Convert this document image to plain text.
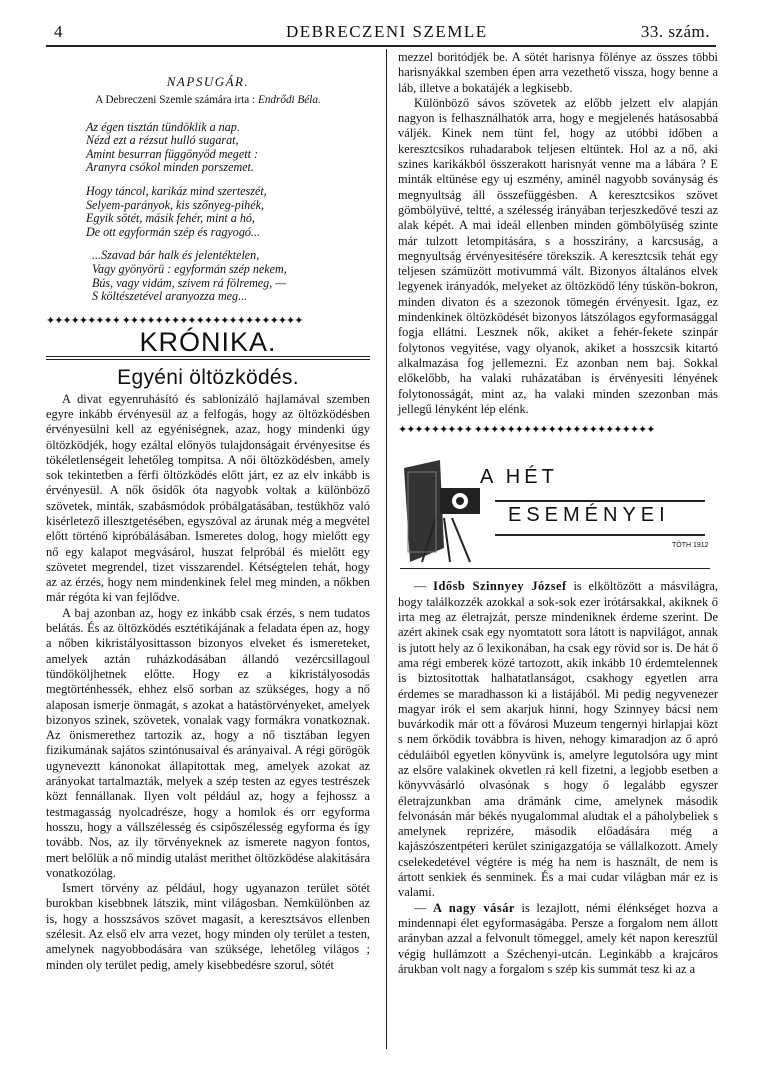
4	DEBRECZENI SZEMLE	33. szám.
NAPSUGÁR.
A Debreczeni Szemle számára irta : Endrődi Béla.
Az égen tisztán tündöklik a nap.
Nézd ezt a rézsut hulló sugarat,
Amint besurran függönyöd megett :
Aranyra csókol minden porszemet.
Hogy táncol, karikáz mind szerteszét,
Selyem-parányok, kis szőnyeg-pihék,
Egyik sötét, másik fehér, mint a hó,
De ott egyformán szép és ragyogó...
...Szavad bár halk és jelentéktelen,
Vagy gyönyörü : egyformán szép nekem,
Bús, vagy vidám, szivem rá fölremeg, —
S költészetével aranyozza meg...
✦✦✦✦✦✦✦✦✦ ✦✦✦✦✦✦✦✦✦✦✦✦✦✦✦✦✦✦✦✦✦✦
KRÓNIKA.
Egyéni öltözködés.

A divat egyenruhásító és sablonizáló hajlamával szemben egyre inkább érvényesül az a felfogás, hogy az öltözködésben érvényesülni kell az egyéniségnek, azaz, hogy mindenki úgy öltözködjék, hogy ezáltal előnyös tulajdonságait érvényesitse és tökéletlenségeit lehetőleg tompitsa. A női öltözködésben, amely sok tekintetben a férfi öltözködés előtt járt, ez az elv inkább is érvényesül. A nők ősidők óta nagyobk voltak a különböző szövetek, minták, szabásmódok próbálgatásában, testükhöz való kisérletező illesztgetésében, egyszóval az árunak még a megvétel előtt történő kipróbálásában. Ismeretes dolog, hogy mielőtt egy nő egy kalapot megvásárol, huszat felpróbál és mielőtt egy szövetet megrendel, tizet visszarendel. Kétségtelen tehát, hogy az az érzés, hogy nem mindenkinek felel meg minden, a nőkben már régóta ki van fejlődve.

A baj azonban az, hogy ez inkább csak érzés, s nem tudatos belátás. És az öltözködés esztétikájának a feladata épen az, hogy a nőben kikristályosittasson bizonyos elveket és ismereteket, amelyek aztán ruházkodásában állandó vezércsillagoul tündököljhetnek előtte. Hogy ez a kikristályosodás megtörténhessék, ehhez első sorban az szükséges, hogy a nő alaposan ismerje önmagát, s azokat a hatástörvényeket, amelyek bizonyos szinek, szövetek, vonalak vagy formákra vonatkoznak. Az önismerethez tartozik az, hogy a nő tisztában legyen fizikumának sajátos szintónusaival és arányaival. A régi görögök ugyneveztt kánonokat állapitottak meg, amelyek azokat az arányokat tartalmazták, melyek a szép testen az egyes testrészek közt fennállanak. Ilyen volt például az, hogy a fejhossz a testmagasság nyolcadrésze, hogy a homlok és orr egyforma hosszu, hogy a vállszélesség és csipőszélesség egyforma és így tovább. Nos, az ily törvényeknek az ismerete nagyon fontos, mert belőlük a nő mindig utalást merithet öltözködése alakitására vonatkozólag.

Ismert törvény az például, hogy ugyanazon terület sötét burokban kisebbnek látszik, mint világosban. Nemkülönben az is, hogy a hosszsávos szövet magasít, a keresztsávos ellenben szélesit. Az első elv arra vezet, hogy minden oly terület a testen, amelynek nagyobbodására van szüksége, lehetőleg világos ; minden oly terület pedig, amely kisebbedésre szorul, sötét

mezzel boritódjék be. A sötét harisnya fölénye az összes többi harisnyákkal szemben épen arra vezethető vissza, hogy benne a láb, illetve a bokatájék a legkisebb.

Különböző sávos szövetek az előbb jelzett elv alapján nagyon is felhasználhatók arra, hogy e megjelenés hatásosabbá váljék. Kinek nem tünt fel, hogy az utóbbi időben a keresztcsikos ruhadarabok teljesen eltüntek. Hol az a nő, aki szines karikákból összerakott harisnyát venne ma a lábára ? E minták eltünése egy uj eszmény, aminél nagyobb soványság és megnyultság áll összefüggésben. A keresztcsikos szövet gömbölyüvé, teltté, a szélesség irányában terjeszkedővé teszi az alak képét. A mai ideál ellenben minden gömbölyüség szinte már tulzott letompitására, s a hosszirány, a karcsuság, a megnyultság érvényesitésére törekszik. A keresztcsik tehát egy teljesen számüzött motivummá vált. Bizonyos általános elvek legyenek irányadók, melyeket az öltözködő lény túskön-bokron, minden divaton és a szezonok tömegén érvényesit. Igaz, ez mindenkinek öltözködését bizonyos látszólagos egyformasággal fogja ellátni. Lesznek nők, akiket a fehér-fekete szinpár folytonos vegyitése, vagy olyanok, akiket a hosszcsik kitartó alkalmazása fog jellemezni. Ez azonban nem baj. Sokkal előkelőbb, ha valaki ruházatában is érvényesiti lényének folytonosságát, mint az, ha valaki minden szezonban más jellegű lényként lép elénk.

✦✦✦✦✦✦✦✦✦ ✦✦✦✦✦✦✦✦✦✦✦✦✦✦✦✦✦✦✦✦✦✦
A HÉT
ESEMÉNYEI
TÖTH 1912

— Idősb Szinnyey József is elköltözött a másvilágra, hogy találkozzék azokkal a sok-sok ezer irótársakkal, akiknek ő irta meg az életrajzát, persze mindeniknek érdeme szerint. De azért akinek csak egy nyomtatott sora látott is napvilágot, annak is jutott hely az ő lexikonában, ha csak egy rövid sor is. De hát ő ama régi emberek közé tartozott, akik inkább 10 érdemtelennek is biztositottak halhatatlanságot, csakhogy egyetlen arra érdemes se maradhasson ki a listájából. Mi pedig negyvenezer magyar irók el sem akarjuk hinni, hogy Szinnyey bácsi nem buvárkodik már ott a fővárosi Muzeum tengernyi hirlapjai közt s nem őrködik továbbra is hiven, nehogy kimaradjon az ő apró céduláiból egyetlen könyvünk is, amelyre legutolsóra ugy mint az elsőre valakinek okvetlen rá kell fizetni, a legjobb esetben a könyvvásárló olvasónak s hogy ő legalább egyszer életrajzunkban ama drámánk cime, amelynek második felvonásán már békés nyugalommal aludtak el a páholybeliek s amelynek reprizére, második előadására még a kajászószentpéteri kerület szinigazgatója se vállalkozott. Amely cselekedetével végtére is még ha nem is használt, de nem is ártott senkiek és senminek. És a mai cudar világban már ez is valami.

— A nagy vásár is lezajlott, némi élénkséget hozva a mindennapi élet egyformaságába. Persze a forgalom nem állott arányban azzal a felvonult tömeggel, amely két napon keresztül végig hullámzott a Széchenyi-utcán. Leginkább a krajcáros árukban volt nagy a forgalom s szép kis summát tesz ki az a
